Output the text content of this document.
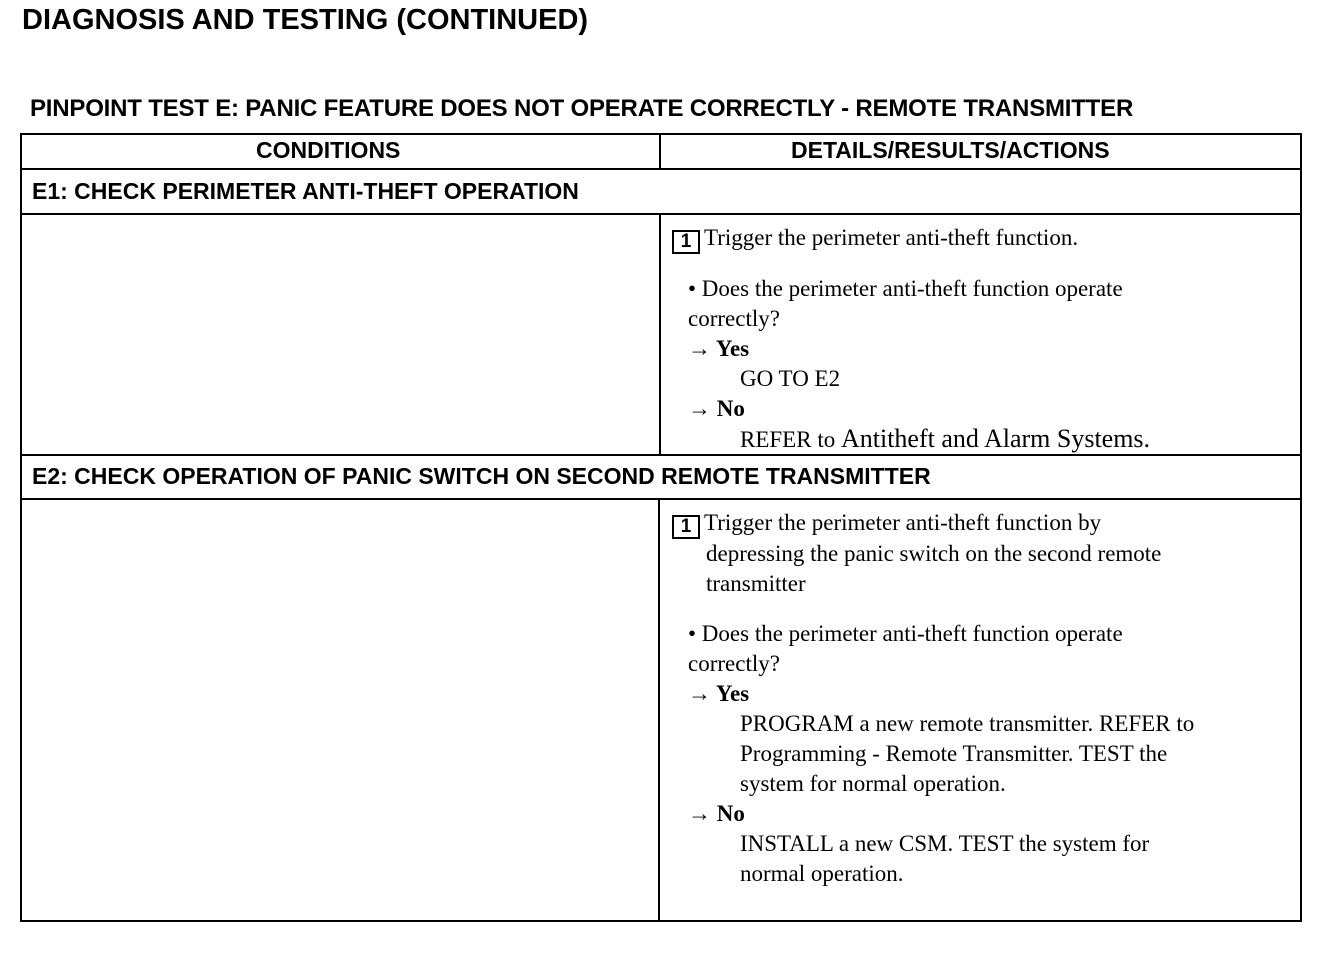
DIAGNOSIS AND TESTING (CONTINUED)
PINPOINT TEST E: PANIC FEATURE DOES NOT OPERATE CORRECTLY - REMOTE TRANSMITTER
CONDITIONS	DETAILS/RESULTS/ACTIONS
E1: CHECK PERIMETER ANTI-THEFT OPERATION
1 Trigger the perimeter anti-theft function.
• Does the perimeter anti-theft function operate
correctly?
→ Yes
GO TO E2
→ No
REFER to Antitheft and Alarm Systems.
E2: CHECK OPERATION OF PANIC SWITCH ON SECOND REMOTE TRANSMITTER
1 Trigger the perimeter anti-theft function by
depressing the panic switch on the second remote
transmitter
• Does the perimeter anti-theft function operate
correctly?
→ Yes
PROGRAM a new remote transmitter. REFER to
Programming - Remote Transmitter. TEST the
system for normal operation.
→ No
INSTALL a new CSM. TEST the system for
normal operation.
